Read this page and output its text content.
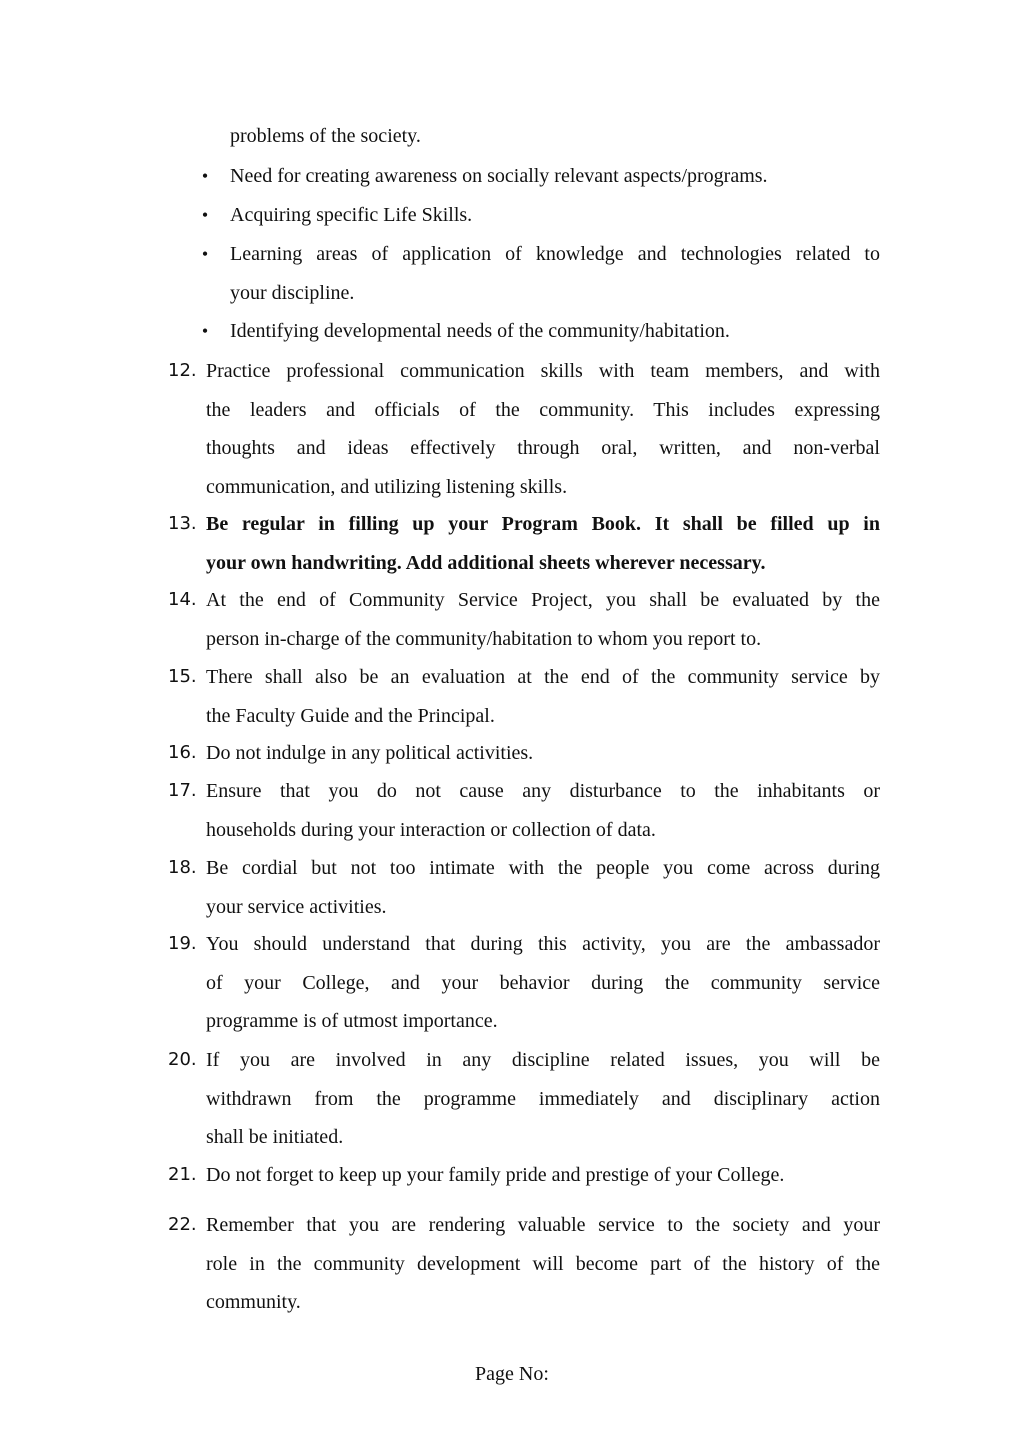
problems of the society.
• Need for creating awareness on socially relevant aspects/programs.
• Acquiring specific Life Skills.
• Learning areas of application of knowledge and technologies related to
your discipline.
• Identifying developmental needs of the community/habitation.
12. Practice professional communication skills with team members, and with
the leaders and officials of the community. This includes expressing
thoughts and ideas effectively through oral, written, and non-verbal
communication, and utilizing listening skills.
13. Be regular in filling up your Program Book. It shall be filled up in
your own handwriting. Add additional sheets wherever necessary.
14. At the end of Community Service Project, you shall be evaluated by the
person in-charge of the community/habitation to whom you report to.
15. There shall also be an evaluation at the end of the community service by
the Faculty Guide and the Principal.
16. Do not indulge in any political activities.
17. Ensure that you do not cause any disturbance to the inhabitants or
households during your interaction or collection of data.
18. Be cordial but not too intimate with the people you come across during
your service activities.
19. You should understand that during this activity, you are the ambassador
of your College, and your behavior during the community service
programme is of utmost importance.
20. If you are involved in any discipline related issues, you will be
withdrawn from the programme immediately and disciplinary action
shall be initiated.
21. Do not forget to keep up your family pride and prestige of your College.
22. Remember that you are rendering valuable service to the society and your
role in the community development will become part of the history of the
community.
Page No:
